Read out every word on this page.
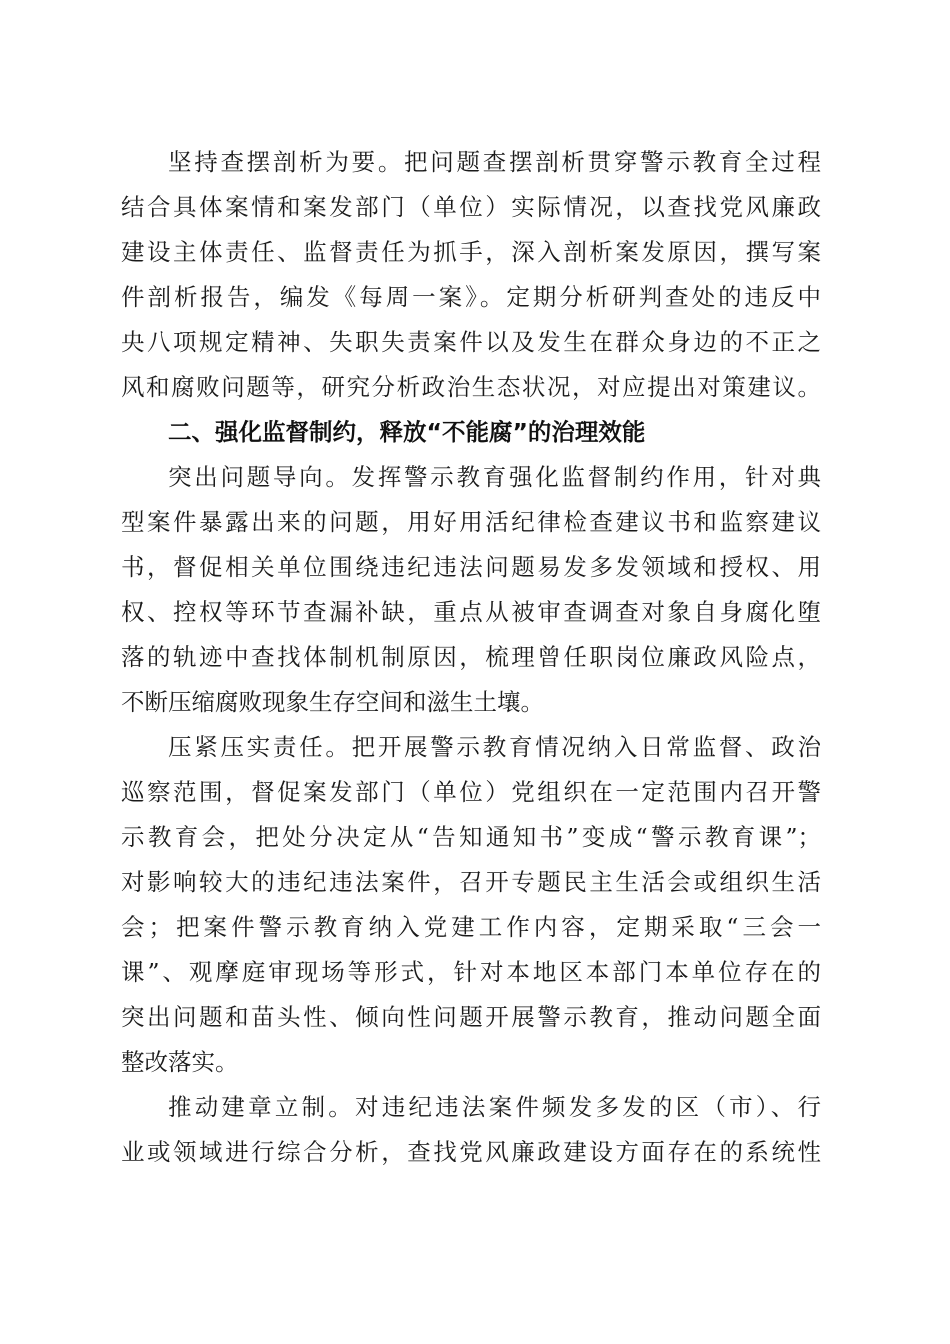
坚持查摆剖析为要。把问题查摆剖析贯穿警示教育全过程
结合具体案情和案发部门（单位）实际情况，以查找党风廉政
建设主体责任、监督责任为抓手，深入剖析案发原因，撰写案
件剖析报告，编发《每周一案》。定期分析研判查处的违反中
央八项规定精神、失职失责案件以及发生在群众身边的不正之
风和腐败问题等，研究分析政治生态状况，对应提出对策建议。
二、强化监督制约，释放“不能腐”的治理效能
突出问题导向。发挥警示教育强化监督制约作用，针对典
型案件暴露出来的问题，用好用活纪律检查建议书和监察建议
书，督促相关单位围绕违纪违法问题易发多发领域和授权、用
权、控权等环节查漏补缺，重点从被审查调查对象自身腐化堕
落的轨迹中查找体制机制原因，梳理曾任职岗位廉政风险点，
不断压缩腐败现象生存空间和滋生土壤。
压紧压实责任。把开展警示教育情况纳入日常监督、政治
巡察范围，督促案发部门（单位）党组织在一定范围内召开警
示教育会，把处分决定从“告知通知书”变成“警示教育课”；
对影响较大的违纪违法案件，召开专题民主生活会或组织生活
会；把案件警示教育纳入党建工作内容，定期采取“三会一
课”、观摩庭审现场等形式，针对本地区本部门本单位存在的
突出问题和苗头性、倾向性问题开展警示教育，推动问题全面
整改落实。
推动建章立制。对违纪违法案件频发多发的区（市）、行
业或领域进行综合分析，查找党风廉政建设方面存在的系统性
